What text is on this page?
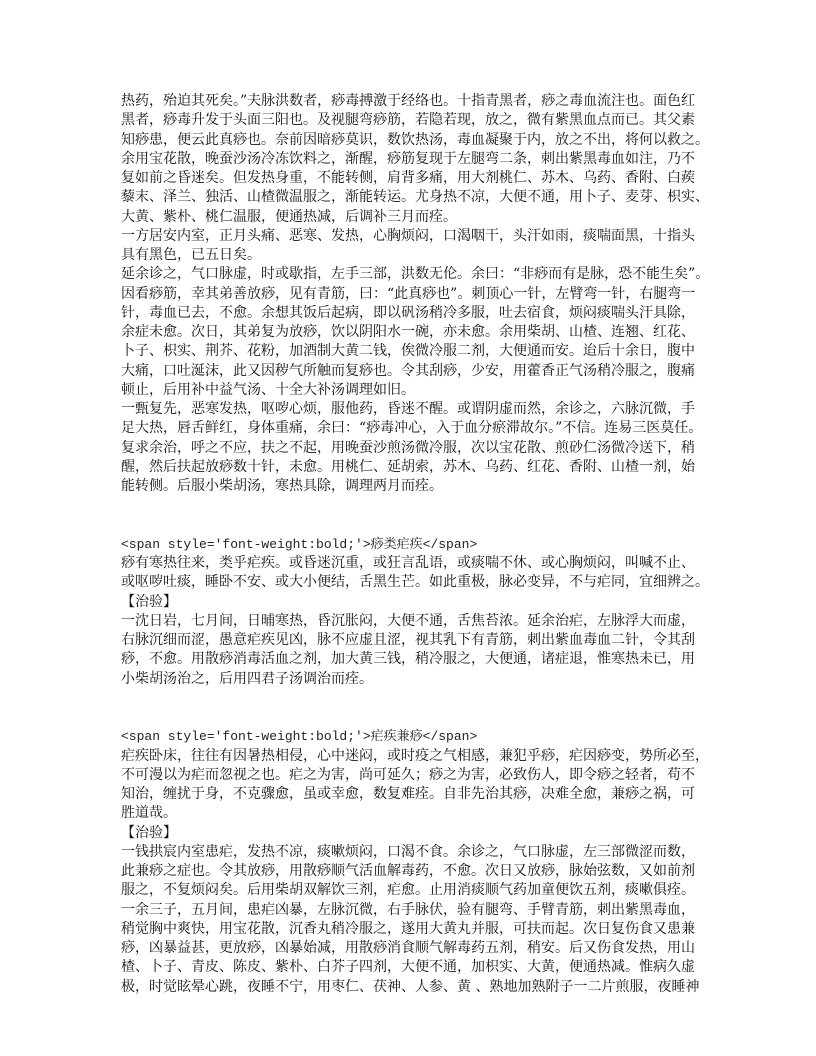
热药，殆迫其死矣。”夫脉洪数者，痧毒搏激于经络也。十指青黑者，痧之毒血流注也。面色红
黑者，痧毒升发于头面三阳也。及视腿弯痧筋，若隐若现，放之，微有紫黑血点而已。其父素
知痧患，便云此真痧也。奈前因暗痧莫识，数饮热汤，毒血凝聚于内，放之不出，将何以救之。
余用宝花散，晚蚕沙汤冷冻饮料之，渐醒，痧筋复现于左腿弯二条，刺出紫黑毒血如注，乃不
复如前之昏迷矣。但发热身重，不能转侧，肩背多痛，用大剂桃仁、苏木、乌药、香附、白蒺
藜末、泽兰、独活、山楂微温服之，渐能转运。尤身热不凉，大便不通，用卜子、麦芽、枳实、
大黄、紫朴、桃仁温服，便通热减，后调补三月而痊。
一方居安内室，正月头痛、恶寒、发热，心胸烦闷，口渴咽干，头汗如雨，痰喘面黑，十指头
具有黑色，已五日矣。
延余诊之，气口脉虚，时或歇指，左手三部，洪数无伦。余曰：“非痧而有是脉，恐不能生矣”。
因看痧筋，幸其弟善放痧，见有青筋，曰：“此真痧也”。刺顶心一针，左臂弯一针，右腿弯一
针，毒血已去，不愈。余想其饭后起病，即以矾汤稍冷多服，吐去宿食，烦闷痰喘头汗具除，
余症未愈。次日，其弟复为放痧，饮以阴阳水一碗，亦未愈。余用柴胡、山楂、连翘、红花、
卜子、枳实、荆芥、花粉，加酒制大黄二钱，俟微冷服二剂，大便通而安。迨后十余日，腹中
大痛，口吐涎沫，此又因秽气所触而复痧也。令其刮痧，少安，用藿香正气汤稍冷服之，腹痛
顿止，后用补中益气汤、十全大补汤调理如旧。
一甄复先，恶寒发热，呕哕心烦，服他药，昏迷不醒。或谓阴虚而然，余诊之，六脉沉微，手
足大热，唇舌鲜红，身体重痛，余曰：“痧毒冲心，入于血分瘀滞故尔。”不信。连易三医莫任。
复求余治，呼之不应，扶之不起，用晚蚕沙煎汤微冷服，次以宝花散、煎砂仁汤微冷送下，稍
醒，然后扶起放痧数十针，未愈。用桃仁、延胡索，苏木、乌药、红花、香附、山楂一剂，始
能转侧。后服小柴胡汤，寒热具除，调理两月而痊。
<span style='font-weight:bold;'>痧类疟疾</span>
痧有寒热往来，类乎疟疾。或昏迷沉重，或狂言乱语，或痰喘不休、或心胸烦闷，叫喊不止、
或呕哕吐痰，睡卧不安、或大小便结，舌黑生芒。如此重极，脉必变异，不与疟同，宜细辨之。
【治验】
一沈日岩，七月间，日晡寒热，昏沉胀闷，大便不通，舌焦苔浓。延余治疟，左脉浮大而虚，
右脉沉细而涩，愚意疟疾见凶，脉不应虚且涩，视其乳下有青筋，刺出紫血毒血二针，令其刮
痧，不愈。用散痧消毒活血之剂，加大黄三钱，稍冷服之，大便通，诸症退，惟寒热未已，用
小柴胡汤治之，后用四君子汤调治而痊。
<span style='font-weight:bold;'>疟疾兼痧</span>
疟疾卧床，往往有因暑热相侵，心中迷闷，或时疫之气相感，兼犯乎痧，疟因痧变，势所必至，
不可漫以为疟而忽视之也。疟之为害，尚可延久；痧之为害，必致伤人，即令痧之轻者，苟不
知治，缠扰于身，不克骤愈，虽或幸愈，数复难痊。自非先治其痧，决难全愈，兼痧之祸，可
胜道哉。
【治验】
一钱拱宸内室患疟，发热不凉，痰嗽烦闷，口渴不食。余诊之，气口脉虚，左三部微涩而数，
此兼痧之症也。令其放痧，用散痧顺气活血解毒药，不愈。次日又放痧，脉始弦数，又如前剂
服之，不复烦闷矣。后用柴胡双解饮三剂，疟愈。止用消痰顺气药加童便饮五剂，痰嗽俱痊。
一余三子，五月间，患疟凶暴，左脉沉微，右手脉伏，验有腿弯、手臂青筋，刺出紫黑毒血，
稍觉胸中爽快，用宝花散，沉香丸稍冷服之，遂用大黄丸并服，可扶而起。次日复伤食又患兼
痧，凶暴益甚，更放痧，凶暴始减，用散痧消食顺气解毒药五剂，稍安。后又伤食发热，用山
楂、卜子、青皮、陈皮、紫朴、白芥子四剂，大便不通，加枳实、大黄，便通热减。惟病久虚
极，时觉眩晕心跳，夜睡不宁，用枣仁、茯神、人参、黄 、熟地加熟附子一二片煎服，夜睡神
